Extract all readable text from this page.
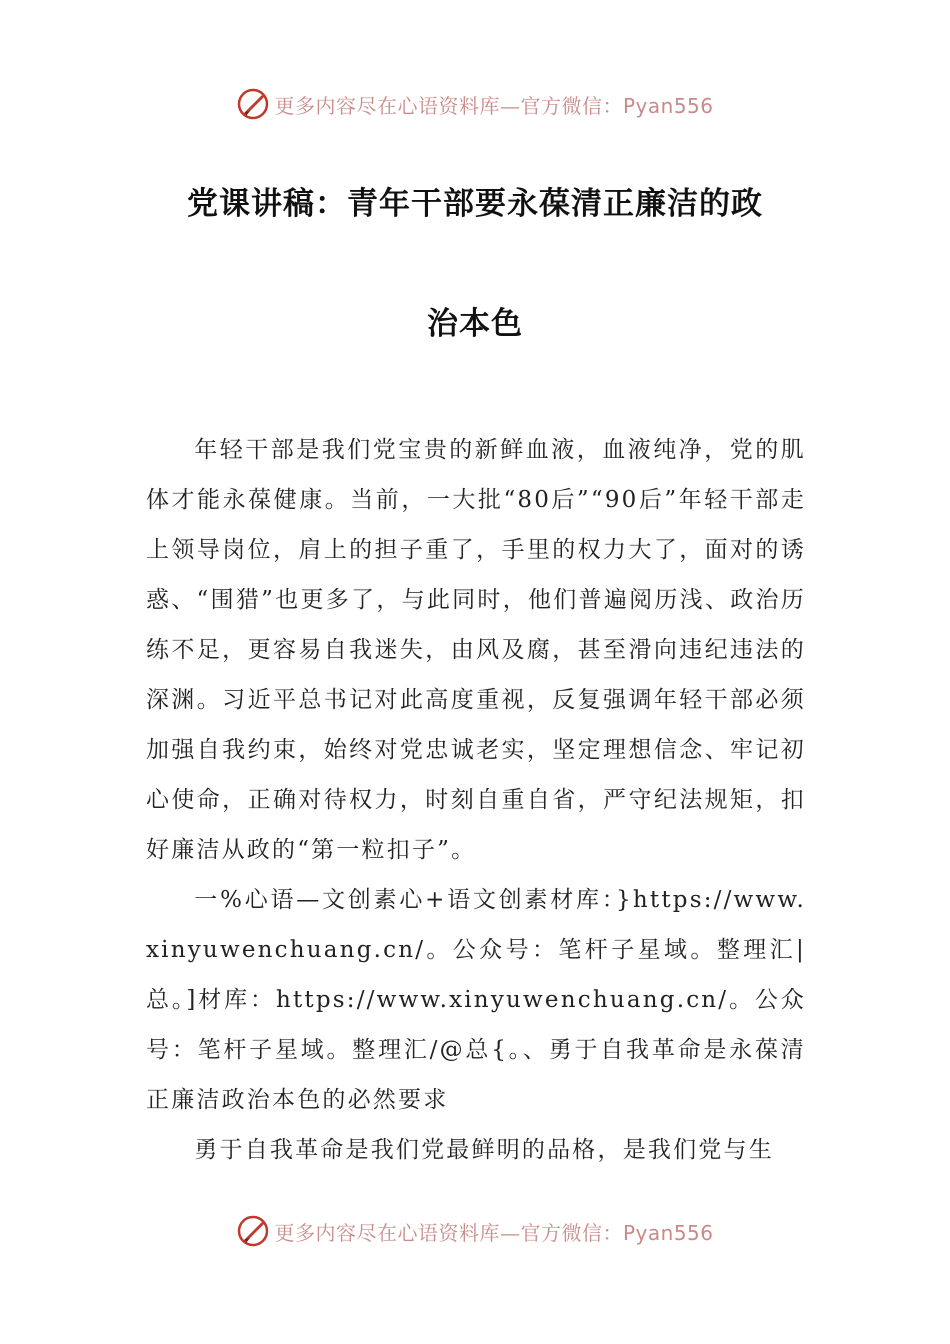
更多内容尽在心语资料库—官方微信：Pyan556
党课讲稿：青年干部要永葆清正廉洁的政
治本色

年轻干部是我们党宝贵的新鲜血液，血液纯净，党的肌体才能永葆健康。当前，一大批“80后”“90后”年轻干部走上领导岗位，肩上的担子重了，手里的权力大了，面对的诱惑、“围猎”也更多了，与此同时，他们普遍阅历浅、政治历练不足，更容易自我迷失，由风及腐，甚至滑向违纪违法的深渊。习近平总书记对此高度重视，反复强调年轻干部必须加强自我约束，始终对党忠诚老实，坚定理想信念、牢记初心使命，正确对待权力，时刻自重自省，严守纪法规矩，扣好廉洁从政的“第一粒扣子”。

一%心语—文创素心+语文创素材库：}https://www.xinyuwenchuang.cn/。公众号：笔杆子星域。整理汇|总。]材库：https://www.xinyuwenchuang.cn/。公众号：笔杆子星域。整理汇/@总{。、勇于自我革命是永葆清正廉洁政治本色的必然要求

勇于自我革命是我们党最鲜明的品格，是我们党与生

更多内容尽在心语资料库—官方微信：Pyan556
